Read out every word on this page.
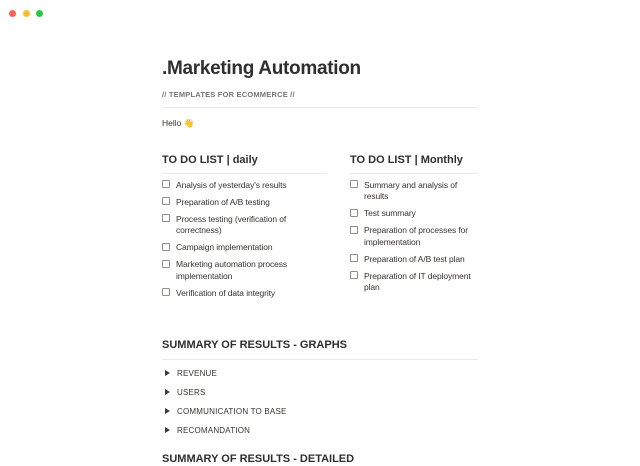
.Marketing Automation
// TEMPLATES FOR ECOMMERCE //
Hello 👋
TO DO LIST | daily
Analysis of yesterday's results
Preparation of A/B testing
Process testing (verification of correctness)
Campaign implementation
Marketing automation process implementation
Verification of data integrity
TO DO LIST | Monthly
Summary and analysis of results
Test summary
Preparation of processes for implementation
Preparation of A/B test plan
Preparation of IT deployment plan
SUMMARY OF RESULTS - GRAPHS
REVENUE
USERS
COMMUNICATION TO BASE
RECOMANDATION
SUMMARY OF RESULTS - DETAILED
